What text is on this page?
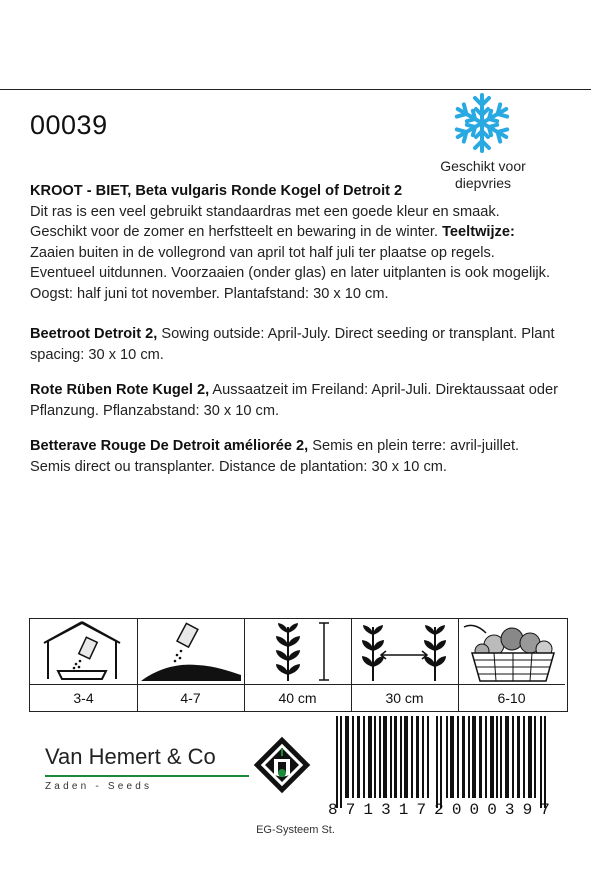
00039
Geschikt voor
diepvries
KROOT - BIET, Beta vulgaris Ronde Kogel of Detroit 2
Dit ras is een veel gebruikt standaardras met een goede kleur en smaak. Geschikt voor de zomer en herfstteelt en bewaring in de winter. Teeltwijze: Zaaien buiten in de vollegrond van april tot half juli ter plaatse op regels. Eventueel uitdunnen. Voorzaaien (onder glas) en later uitplanten is ook mogelijk. Oogst: half juni tot november. Plantafstand: 30 x 10 cm.
Beetroot Detroit 2, Sowing outside: April-July. Direct seeding or transplant. Plant spacing: 30 x 10 cm.
Rote Rüben Rote Kugel 2, Aussaatzeit im Freiland: April-Juli. Direktaussaat oder Pflanzung. Pflanzabstand: 30 x 10 cm.
Betterave Rouge De Detroit améliorée 2, Semis en plein terre: avril-juillet. Semis direct ou transplanter. Distance de plantation: 30 x 10 cm.
3-4	4-7	40 cm	30 cm	6-10
Van Hemert & Co
Zaden - Seeds
8 7 1 3 1 7 2 0 0 0 3 9 7
EG-Systeem St.
